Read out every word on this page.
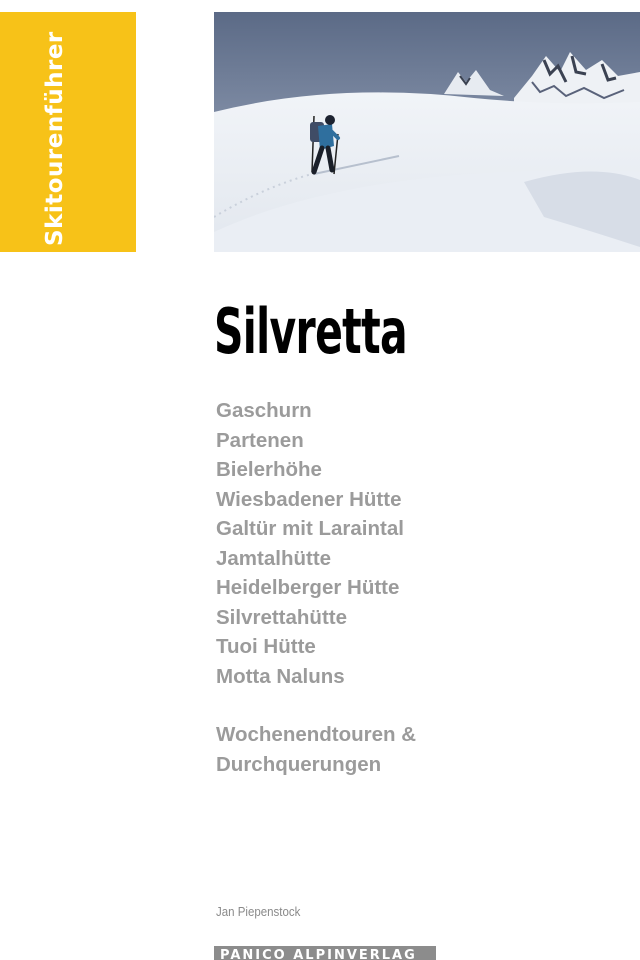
Skitourenführer
Silvretta
Gaschurn
Partenen
Bielerhöhe
Wiesbadener Hütte
Galtür mit Laraintal
Jamtalhütte
Heidelberger Hütte
Silvrettahütte
Tuoi Hütte
Motta Naluns
Wochenendtouren &
Durchquerungen
Jan Piepenstock
PANICO ALPINVERLAG
